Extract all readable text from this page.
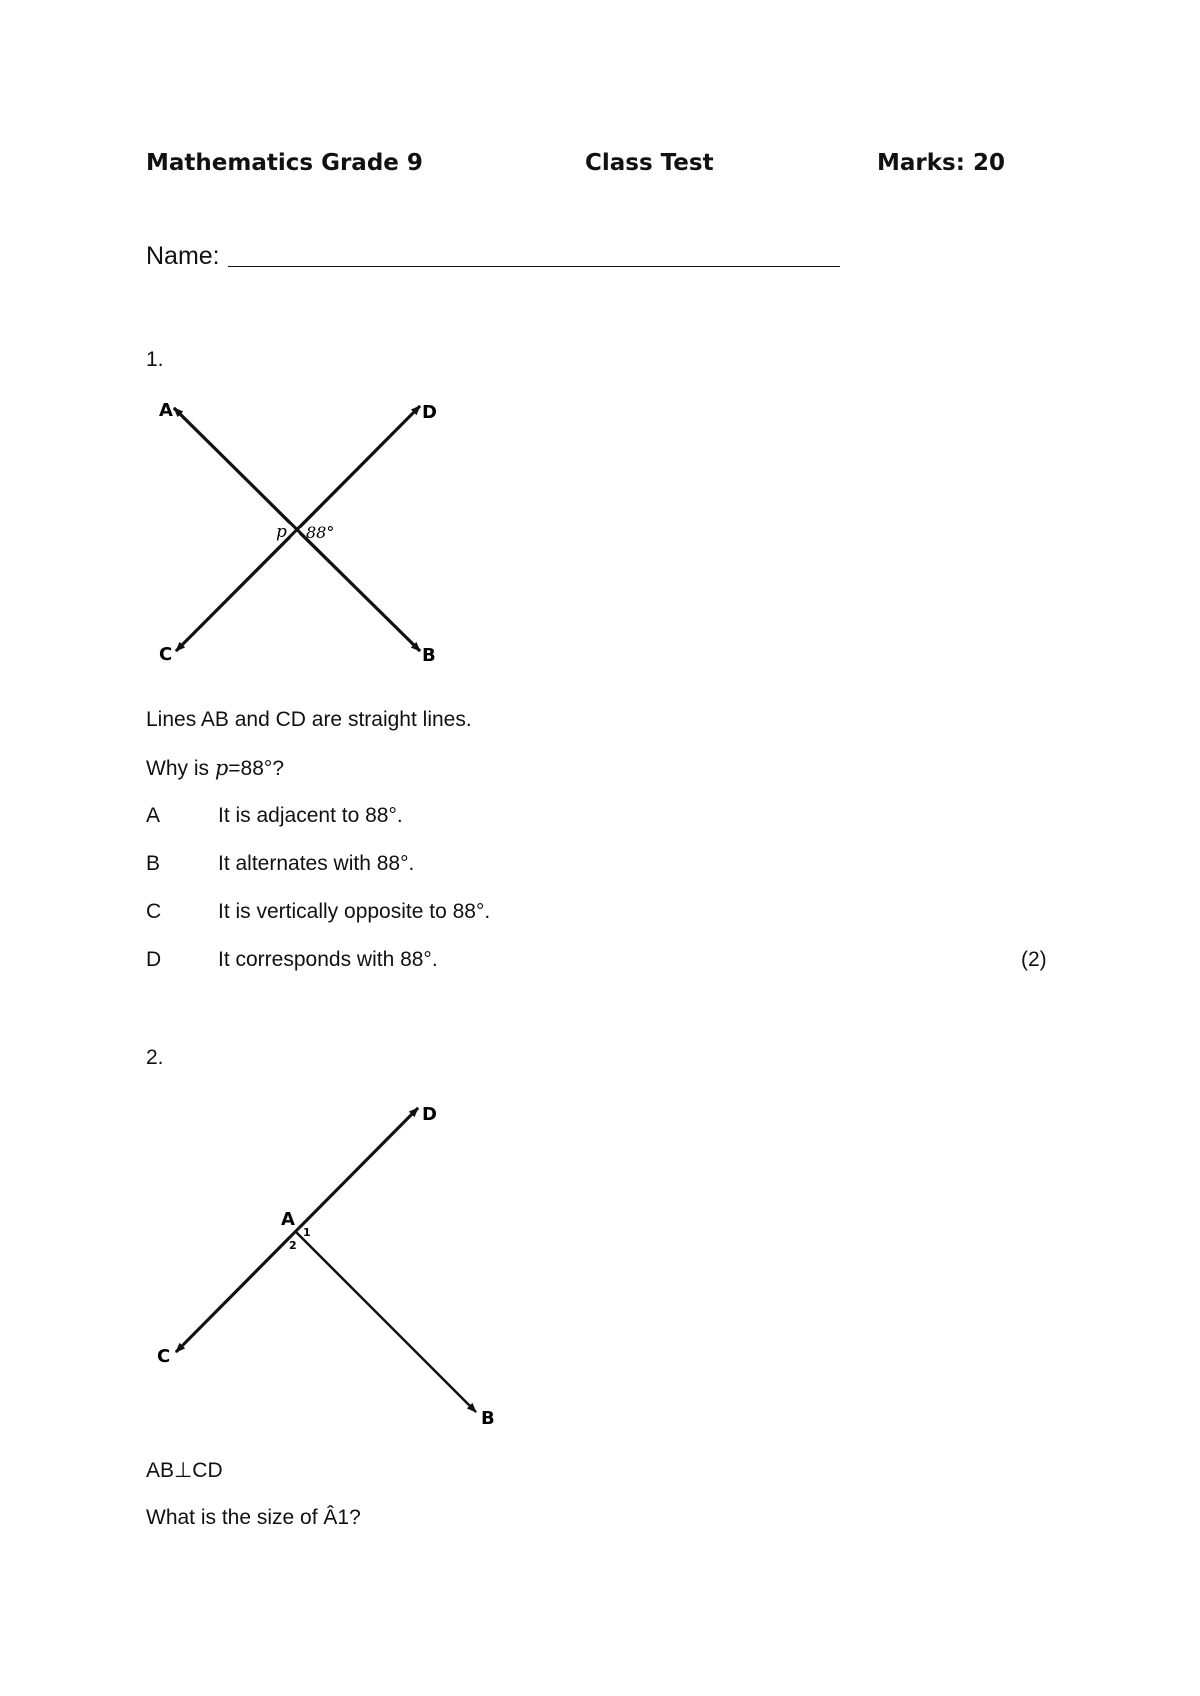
Mathematics Grade 9	Class Test	Marks: 20
Name:
1.
A	D
C	B
p 88°
D
A
C
B
1
2
Lines AB and CD are straight lines.
Why is p=88°?
A	It is adjacent to 88°.
B	It alternates with 88°.
C	It is vertically opposite to 88°.
D	It corresponds with 88°.	(2)
2.
AB⊥CD
What is the size of Â1?
